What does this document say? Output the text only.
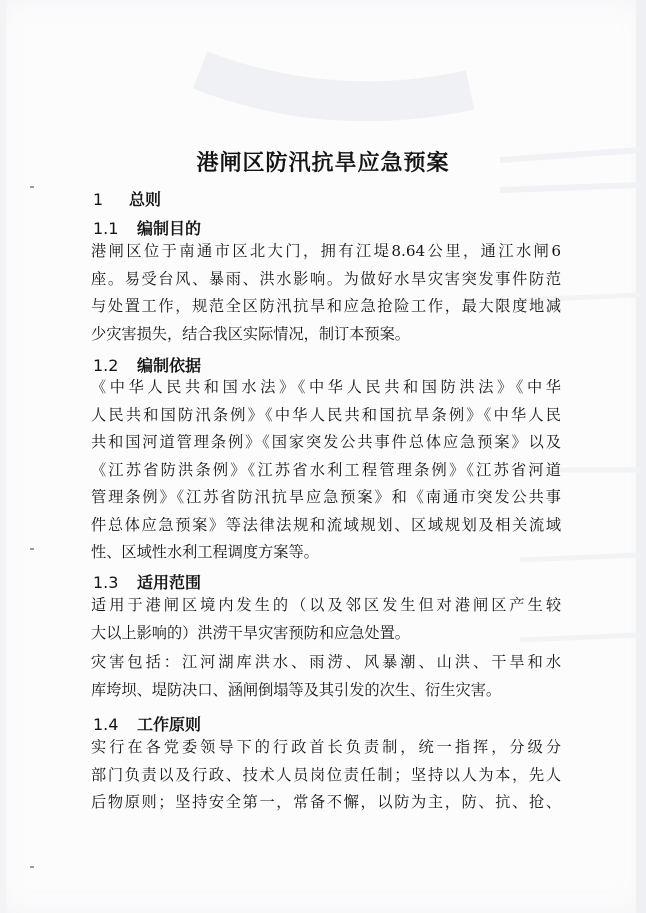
港闸区防汛抗旱应急预案
1 总则
1.1 编制目的
港闸区位于南通市区北大门，拥有江堤8.64公里，通江水闸6
座。易受台风、暴雨、洪水影响。为做好水旱灾害突发事件防范
与处置工作，规范全区防汛抗旱和应急抢险工作，最大限度地减
少灾害损失，结合我区实际情况，制订本预案。
1.2 编制依据
《中华人民共和国水法》《中华人民共和国防洪法》《中华
人民共和国防汛条例》《中华人民共和国抗旱条例》《中华人民
共和国河道管理条例》《国家突发公共事件总体应急预案》以及
《江苏省防洪条例》《江苏省水利工程管理条例》《江苏省河道
管理条例》《江苏省防汛抗旱应急预案》和《南通市突发公共事
件总体应急预案》等法律法规和流域规划、区域规划及相关流域
性、区域性水利工程调度方案等。
1.3 适用范围
适用于港闸区境内发生的（以及邻区发生但对港闸区产生较
大以上影响的）洪涝干旱灾害预防和应急处置。
灾害包括：江河湖库洪水、雨涝、风暴潮、山洪、干旱和水
库垮坝、堤防决口、涵闸倒塌等及其引发的次生、衍生灾害。
1.4 工作原则
实行在各党委领导下的行政首长负责制，统一指挥，分级分
部门负责以及行政、技术人员岗位责任制；坚持以人为本，先人
后物原则；坚持安全第一，常备不懈，以防为主，防、抗、抢、
